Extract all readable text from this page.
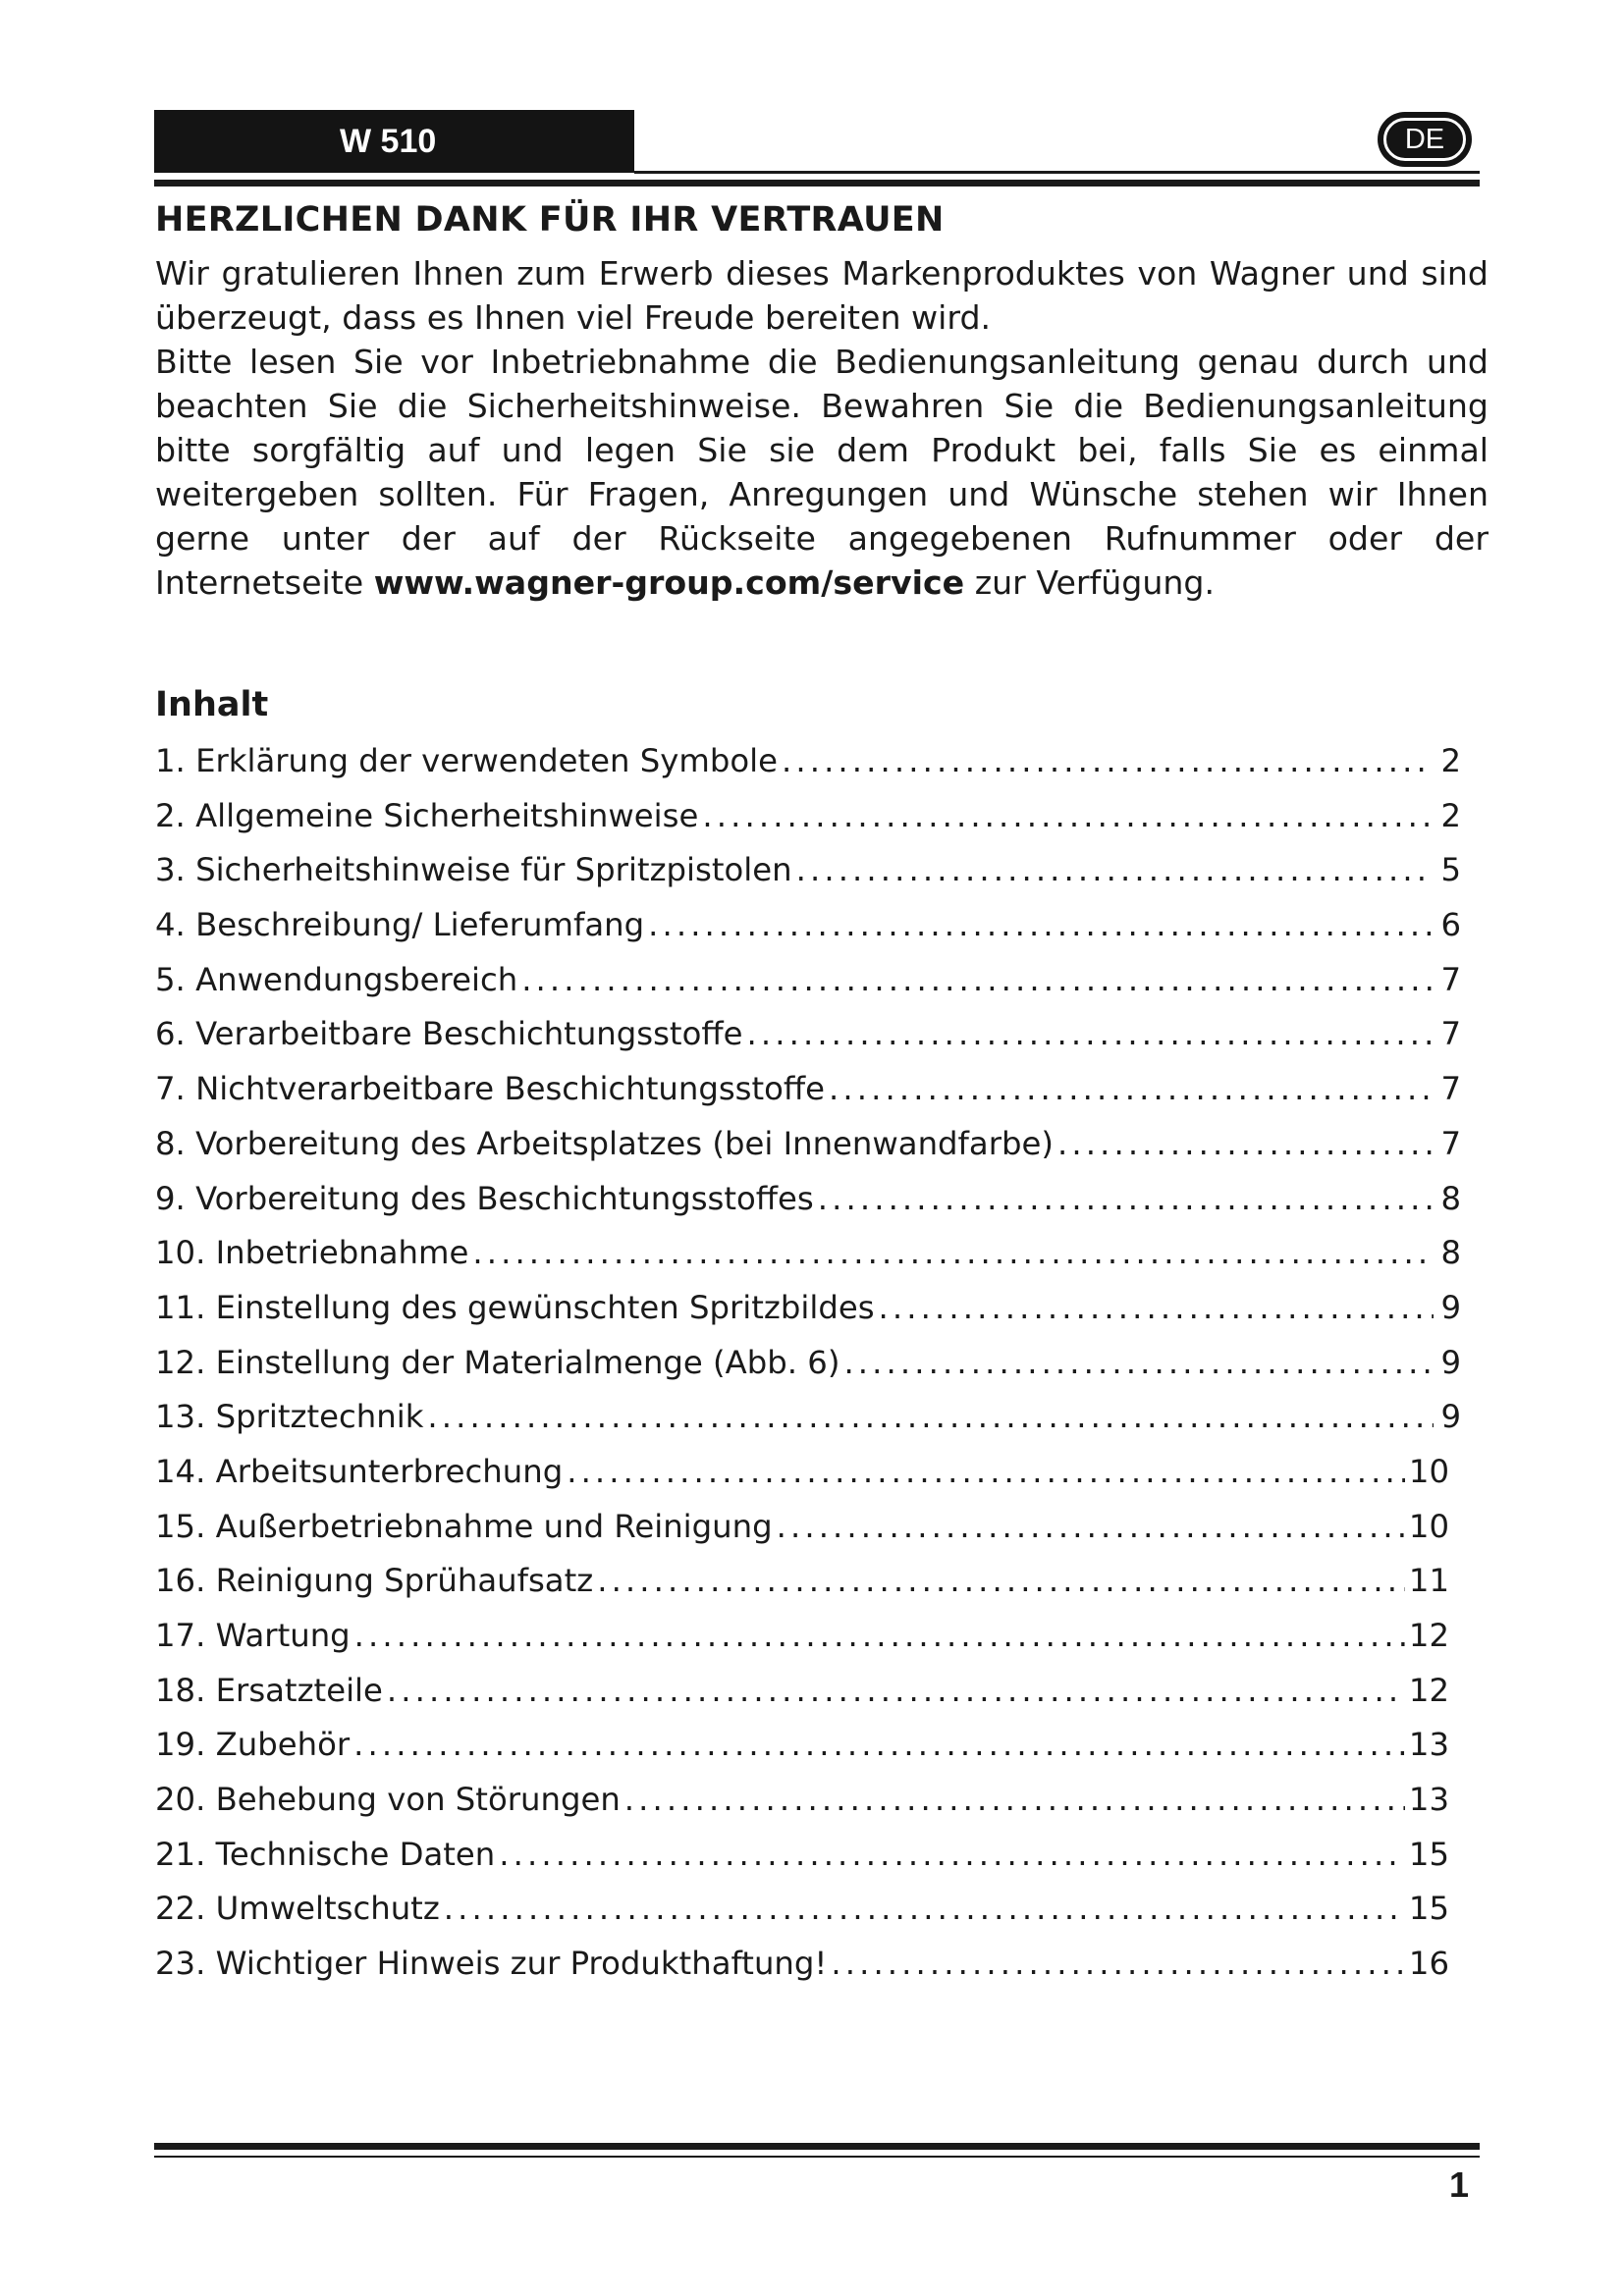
W 510	DE
HERZLICHEN DANK FÜR IHR VERTRAUEN

Wir gratulieren Ihnen zum Erwerb dieses Markenproduktes von Wagner und sind überzeugt, dass es Ihnen viel Freude bereiten wird.

Bitte lesen Sie vor Inbetriebnahme die Bedienungsanleitung genau durch und beachten Sie die Sicherheitshinweise. Bewahren Sie die Bedienungsanleitung bitte sorgfältig auf und legen Sie sie dem Produkt bei, falls Sie es einmal weitergeben sollten. Für Fragen, Anregungen und Wünsche stehen wir Ihnen gerne unter der auf der Rückseite angegebenen Rufnummer oder der Internetseite www.wagner-group.com/service zur Verfügung.

Inhalt
1. Erklärung der verwendeten Symbole .....	2
2. Allgemeine Sicherheitshinweise .....	2
3. Sicherheitshinweise für Spritzpistolen .....	5
4. Beschreibung/ Lieferumfang .....	6
5. Anwendungsbereich .....	7
6. Verarbeitbare Beschichtungsstoffe .....	7
7. Nichtverarbeitbare Beschichtungsstoffe .....	7
8. Vorbereitung des Arbeitsplatzes (bei Innenwandfarbe) .....	7
9. Vorbereitung des Beschichtungsstoffes .....	8
10. Inbetriebnahme .....	8
11. Einstellung des gewünschten Spritzbildes .....	9
12. Einstellung der Materialmenge (Abb. 6) .....	9
13. Spritztechnik .....	9
14. Arbeitsunterbrechung .....	10
15. Außerbetriebnahme und Reinigung .....	10
16. Reinigung Sprühaufsatz .....	11
17. Wartung .....	12
18. Ersatzteile .....	12
19. Zubehör .....	13
20. Behebung von Störungen .....	13
21. Technische Daten .....	15
22. Umweltschutz .....	15
23. Wichtiger Hinweis zur Produkthaftung! .....	16
1
